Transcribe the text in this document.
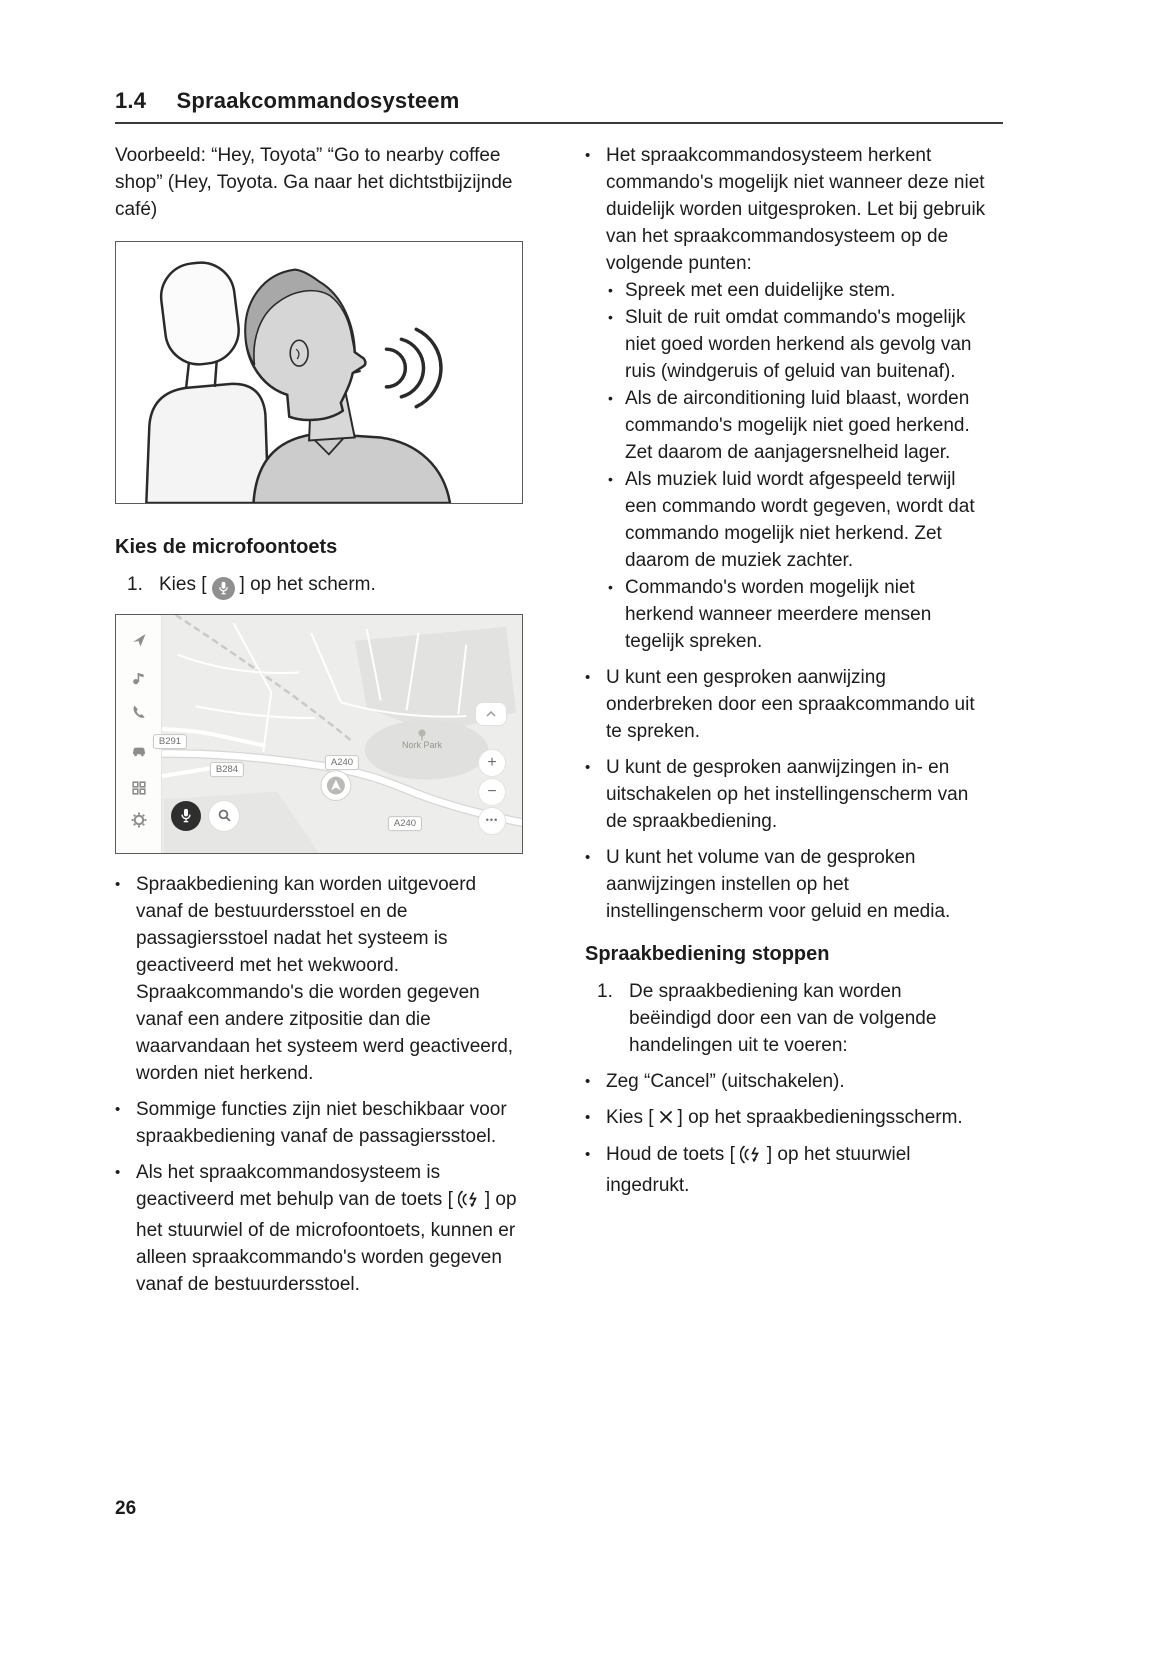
1.4 Spraakcommandosysteem

Voorbeeld: “Hey, Toyota” “Go to nearby coffee shop” (Hey, Toyota. Ga naar het dichtstbijzijnde café)

Kies de microfoontoets
1. Kies [ ] op het scherm.
B291
B284
A240
A240
Nork Park
+
−
•••
• Spraakbediening kan worden uitgevoerd vanaf de bestuurdersstoel en de passagiersstoel nadat het systeem is geactiveerd met het wekwoord. Spraakcommando's die worden gegeven vanaf een andere zitpositie dan die waarvandaan het systeem werd geactiveerd, worden niet herkend.
• Sommige functies zijn niet beschikbaar voor spraakbediening vanaf de passagiersstoel.
• Als het spraakcommandosysteem is geactiveerd met behulp van de toets [ ] op het stuurwiel of de microfoontoets, kunnen er alleen spraakcommando's worden gegeven vanaf de bestuurdersstoel.
• Het spraakcommandosysteem herkent commando's mogelijk niet wanneer deze niet duidelijk worden uitgesproken. Let bij gebruik van het spraakcommandosysteem op de volgende punten:
• Spreek met een duidelijke stem.
• Sluit de ruit omdat commando's mogelijk niet goed worden herkend als gevolg van ruis (windgeruis of geluid van buitenaf).
• Als de airconditioning luid blaast, worden commando's mogelijk niet goed herkend. Zet daarom de aanjagersnelheid lager.
• Als muziek luid wordt afgespeeld terwijl een commando wordt gegeven, wordt dat commando mogelijk niet herkend. Zet daarom de muziek zachter.
• Commando's worden mogelijk niet herkend wanneer meerdere mensen tegelijk spreken.
• U kunt een gesproken aanwijzing onderbreken door een spraakcommando uit te spreken.
• U kunt de gesproken aanwijzingen in- en uitschakelen op het instellingenscherm van de spraakbediening.
• U kunt het volume van de gesproken aanwijzingen instellen op het instellingenscherm voor geluid en media.
Spraakbediening stoppen
1. De spraakbediening kan worden beëindigd door een van de volgende handelingen uit te voeren:
• Zeg “Cancel” (uitschakelen).
• Kies [ ] op het spraakbedieningsscherm.
• Houd de toets [ ] op het stuurwiel ingedrukt.
26
